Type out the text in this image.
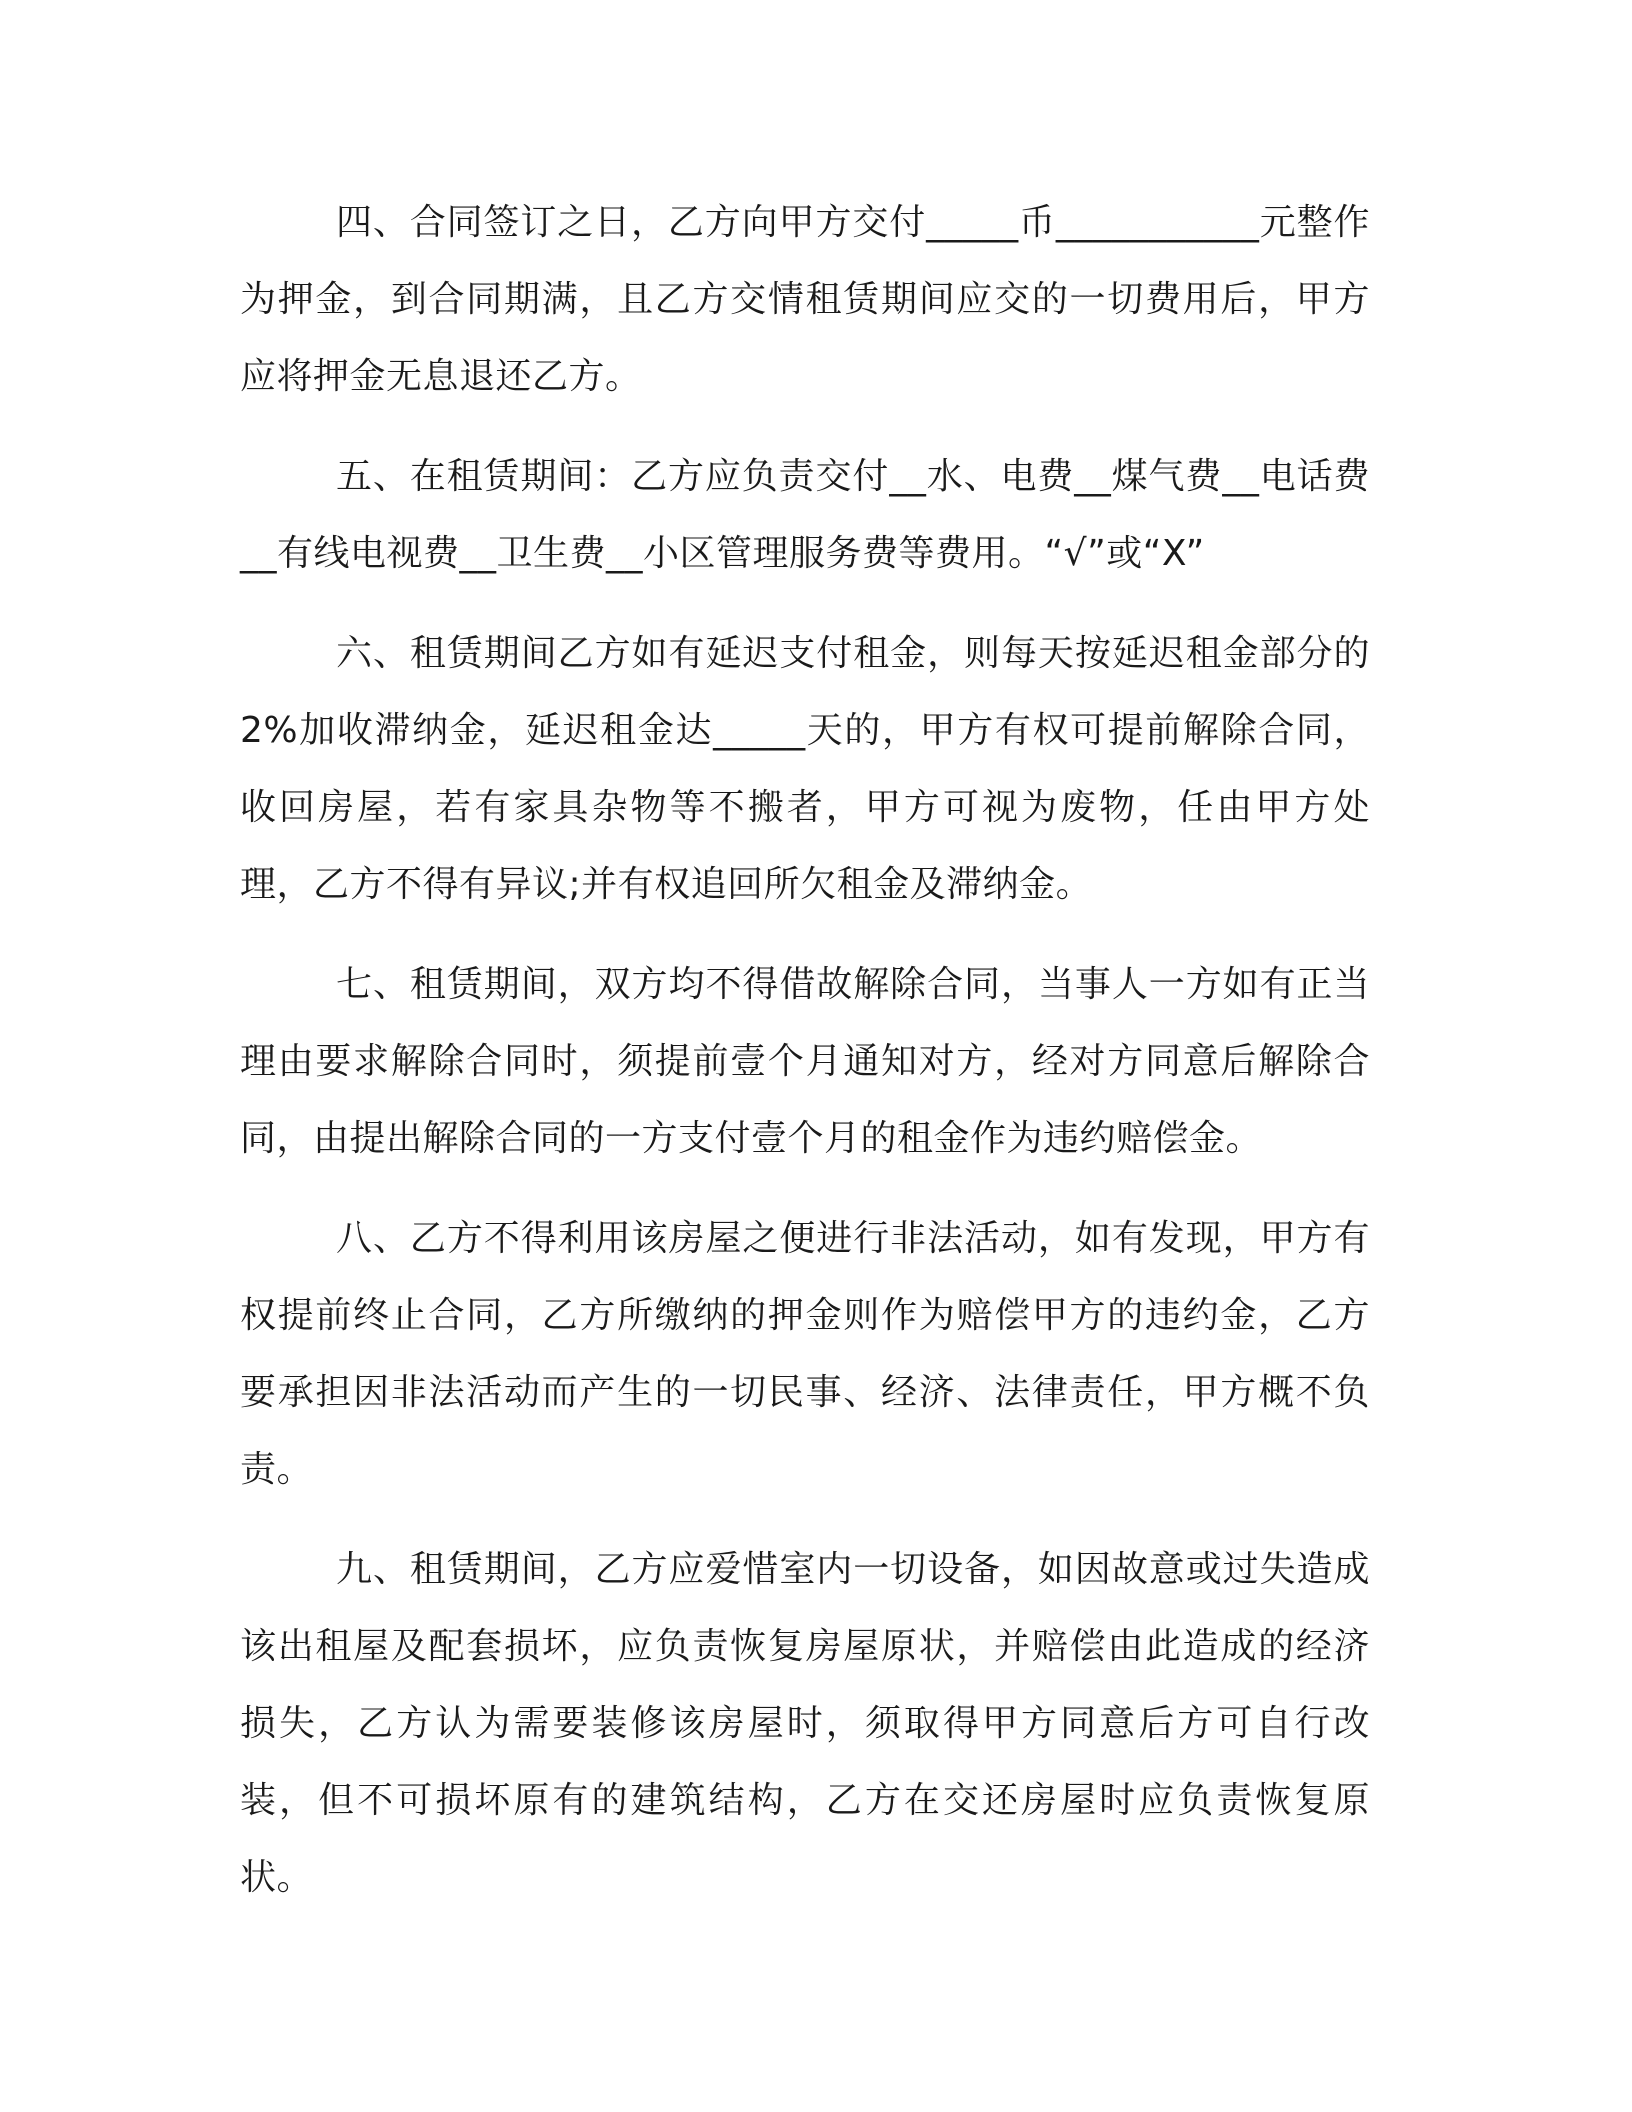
四、合同签订之日，乙方向甲方交付_____币___________元整作为押金，到合同期满，且乙方交情租赁期间应交的一切费用后，甲方应将押金无息退还乙方。

五、在租赁期间：乙方应负责交付__水、电费__煤气费__电话费__有线电视费__卫生费__小区管理服务费等费用。“√”或“X”

六、租赁期间乙方如有延迟支付租金，则每天按延迟租金部分的2%加收滞纳金，延迟租金达_____天的，甲方有权可提前解除合同，收回房屋，若有家具杂物等不搬者，甲方可视为废物，任由甲方处理，乙方不得有异议;并有权追回所欠租金及滞纳金。

七、租赁期间，双方均不得借故解除合同，当事人一方如有正当理由要求解除合同时，须提前壹个月通知对方，经对方同意后解除合同，由提出解除合同的一方支付壹个月的租金作为违约赔偿金。

八、乙方不得利用该房屋之便进行非法活动，如有发现，甲方有权提前终止合同，乙方所缴纳的押金则作为赔偿甲方的违约金，乙方要承担因非法活动而产生的一切民事、经济、法律责任，甲方概不负责。

九、租赁期间，乙方应爱惜室内一切设备，如因故意或过失造成该出租屋及配套损坏，应负责恢复房屋原状，并赔偿由此造成的经济损失，乙方认为需要装修该房屋时，须取得甲方同意后方可自行改装，但不可损坏原有的建筑结构，乙方在交还房屋时应负责恢复原状。
